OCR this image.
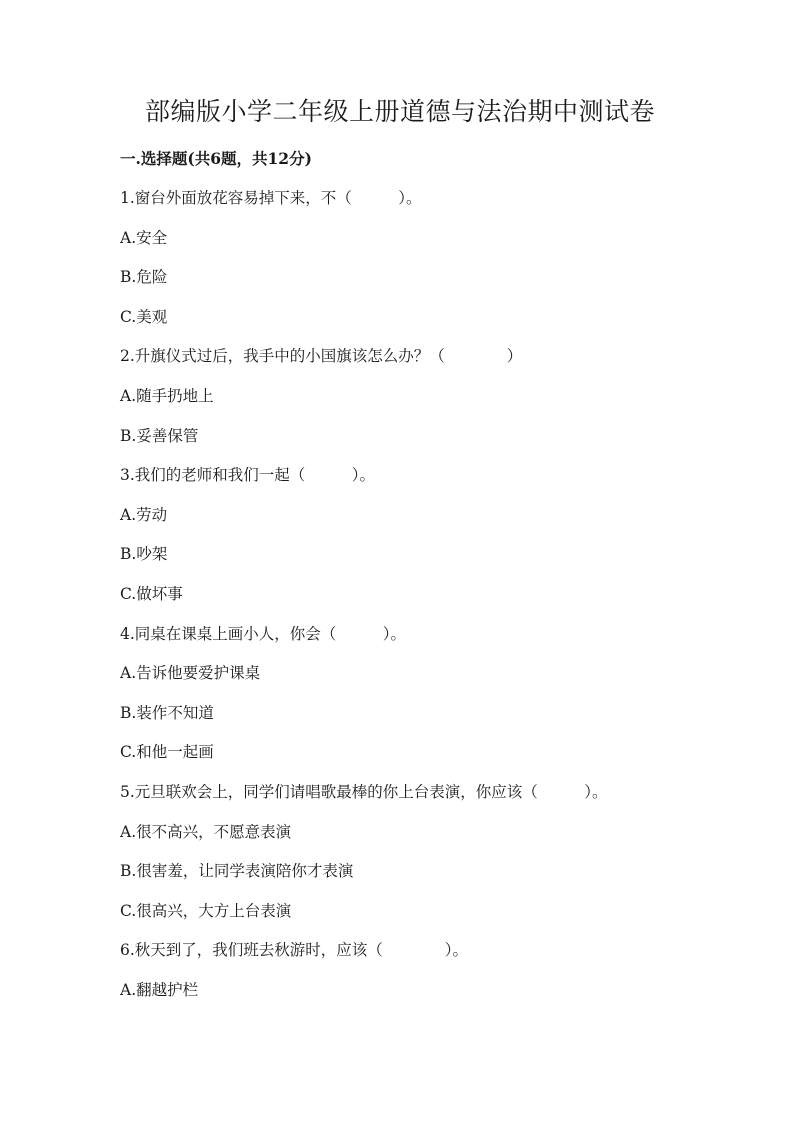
部编版小学二年级上册道德与法治期中测试卷

一.选择题(共6题，共12分)

1.窗台外面放花容易掉下来，不（　　　）。

A.安全

B.危险

C.美观

2.升旗仪式过后，我手中的小国旗该怎么办？（　　　　）

A.随手扔地上

B.妥善保管

3.我们的老师和我们一起（　　　）。

A.劳动

B.吵架

C.做坏事

4.同桌在课桌上画小人，你会（　　　）。

A.告诉他要爱护课桌

B.装作不知道

C.和他一起画

5.元旦联欢会上，同学们请唱歌最棒的你上台表演，你应该（　　　）。

A.很不高兴，不愿意表演

B.很害羞，让同学表演陪你才表演

C.很高兴，大方上台表演

6.秋天到了，我们班去秋游时，应该（　　　　）。

A.翻越护栏
